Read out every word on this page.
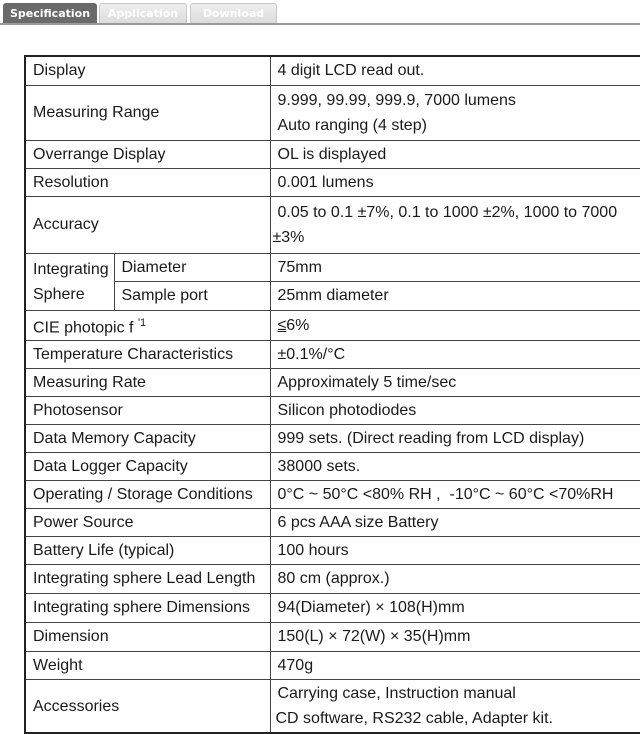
Specification	Application	Download
Display		4 digit LCD read out.
Measuring Range		9.999, 99.99, 999.9, 7000 lumens
Auto ranging (4 step)

Overrange Display		OL is displayed
Resolution		0.001 lumens
Accuracy		0.05 to 0.1 ±7%, 0.1 to 1000 ±2%, 1000 to 7000
±3%

Integrating Sphere	Diameter	75mm
	Sample port	25mm diameter
CIE photopic f $^{'1}$		≤6%
Temperature Characteristics		±0.1%/°C
Measuring Rate		Approximately 5 time/sec
Photosensor		Silicon photodiodes
Data Memory Capacity		999 sets. (Direct reading from LCD display)
Data Logger Capacity		38000 sets.
Operating / Storage Conditions		0°C ~ 50°C <80% RH ,  -10°C ~ 60°C <70%RH
Power Source		6 pcs AAA size Battery
Battery Life (typical)		100 hours
Integrating sphere Lead Length		80 cm (approx.)
Integrating sphere Dimensions		94(Diameter) × 108(H)mm
Dimension		150(L) × 72(W) × 35(H)mm
Weight		470g
Accessories		Carrying case, Instruction manual
CD software, RS232 cable, Adapter kit.
